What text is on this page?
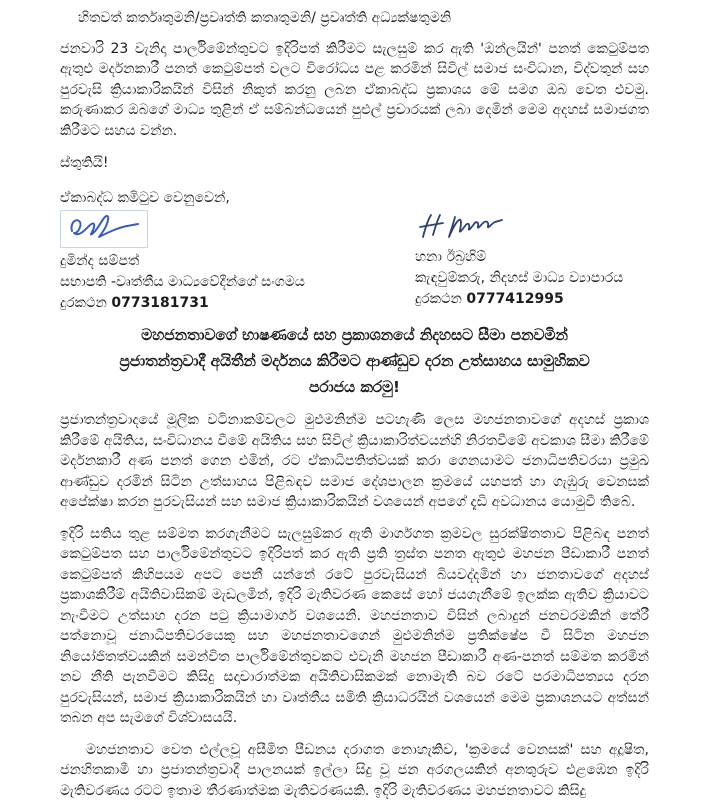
හිතවත් කර්තෘතුමනි/ප්‍රවෘත්ති කතෘතුමනි/ ප්‍රවෘත්ති අධ්‍යක්ෂතුමනි

ජනවාරි 23 වැනිදා පාර්ලිමේන්තුවට ඉදිරිපත් කිරීමට සැලසුම් කර ඇති 'ඔන්ලයින්' පනත් කෙටුම්පත ඇතුළු මර්දනකාරී පනත් කෙටුම්පත් වලට විරෝධය පළ කරමින් සිවිල් සමාජ සංවිධාන, විද්වතුන් සහ පුරවැසි ක්‍රියාකාරිකයින් විසින් නිකුත් කරනු ලබන ඒකාබද්ධ ප්‍රකාශය මේ සමග ඔබ වෙත එවමු. කරුණාකර ඔබගේ මාධ්‍ය තුළින් ඒ සම්බන්ධයෙන් පුළුල් ප්‍රචාරයක් ලබා දෙමින් මෙම අදහස් සමාජගත කිරීමට සහය වන්න.

ස්තුතියි!

ඒකාබද්ධ කමිටුව වෙනුවෙන්,

දුමින්ද සම්පත්
සභාපති -වෘත්තීය මාධ්‍යවේදීන්ගේ සංගමය
දුරකථන 0773181731
හනා ඊබ්‍රහිම්
කැඳවුම්කරු, නිදහස් මාධ්‍ය ව්‍යාපාරය
දුරකථන 0777412995
මහජනතාවගේ භාෂණයේ සහ ප්‍රකාශනයේ නිදහසට සීමා පනවමින් ප්‍රජාතන්ත්‍රවාදී අයිතීන් මර්දනය කිරීමට ආණ්ඩුව දරන උත්සාහය සාමුහිකව පරාජය කරමු!

ප්‍රජාතන්ත්‍රවාදයේ මූලික වටිනාකම්වලට මුළුමනින්ම පටහැණි ලෙස මහජනතාවගේ අදහස් ප්‍රකාශ කිරීමේ අයිතිය, සංවිධානය වීමේ අයිතිය සහ සිවිල් ක්‍රියාකාරිත්වයන්හි නිරතවීමේ අවකාශ සීමා කිරීමේ මර්දනකාරී අණ පනත් ගෙන එමින්, රට ඒකාධිපතිත්වයක් කරා ගෙනයාමට ජනාධිපතිවරයා ප්‍රමුඛ ආණ්ඩුව දරමින් සිටින උත්සාහය පිළිබඳව සමාජ දේශපාලන ක්‍රමයේ යහපත් හා ගැඹුරු වෙනසක් අපේක්ෂා කරන පුරවැසියන් සහ සමාජ ක්‍රියාකාරිකයින් වශයෙන් අපගේ දැඩි අවධානය යොමුවී තිබේ.

ඉදිරි සතිය තුළ සම්මත කරගැනීමට සැලසුම්කර ඇති මාර්ගගත ක්‍රමවල සුරක්ෂිතතාව පිළිබඳ පනත් කෙටුම්පත සහ පාර්ලිමේන්තුවට ඉදිරිපත් කර ඇති ප්‍රති ත්‍රස්ත පනත ඇතුළු මහජන පීඩාකාරී පනත් කෙටුම්පත් කිහිපයම අපට පෙනී යන්නේ රටේ පුරවැසියන් බියවද්දමින් හා ජනතාවගේ අදහස් ප්‍රකාශකිරීම් අයිතිවාසිකම් මැඩලමින්, ඉදිරි මැතිවරණ කෙසේ හෝ ජයගැනීමේ ඉලක්ක ඇතිව ක්‍රියාවට නැංවීමට උත්සාහ දරන පටු ක්‍රියාමාර්ග වශයෙනි. මහජනතාව විසින් ලබාදුන් ජනවරමකින් තේරී පත්නොවූ ජනාධිපතිවරයෙකු සහ මහජනතාවගෙන් මුළුමනින්ම ප්‍රතික්ෂේප වී සිටින මහජන නියෝජිතත්වයකින් සමන්විත පාර්ලිමේන්තුවකට එවැනි මහජන පීඩාකාරී අණ-පනත් සම්මත කරමින් නව නීති පැනවීමට කිසිදු සදාචාරාත්මක අයිතිවාසිකමක් නොමැති බව රටේ පරමාධිපත්‍යය දරන පුරවැසියන්, සමාජ ක්‍රියාකාරිකයින් හා වෘත්තීය සමිති ක්‍රියාධරයින් වශයෙන් මෙම ප්‍රකාශනයට අත්සන් තබන අප සැමගේ විශ්වාසයයි.

මහජනතාව වෙත එල්ලවූ අසීමිත පීඩනය දරාගත නොහැකිව, 'ක්‍රමයේ වෙනසක්' සහ අදූෂිත, ජනහිතකාමී හා ප්‍රජාතන්ත්‍රවාදී පාලනයක් ඉල්ලා සිදු වූ ජන අරගලයකින් අනතුරුව එළඹෙන ඉදිරි මැතිවරණය රටට ඉතාම තීරණාත්මක මැතිවරණයකි. ඉදිරි මැතිවරණය මහජනතාවට කිසිදු
